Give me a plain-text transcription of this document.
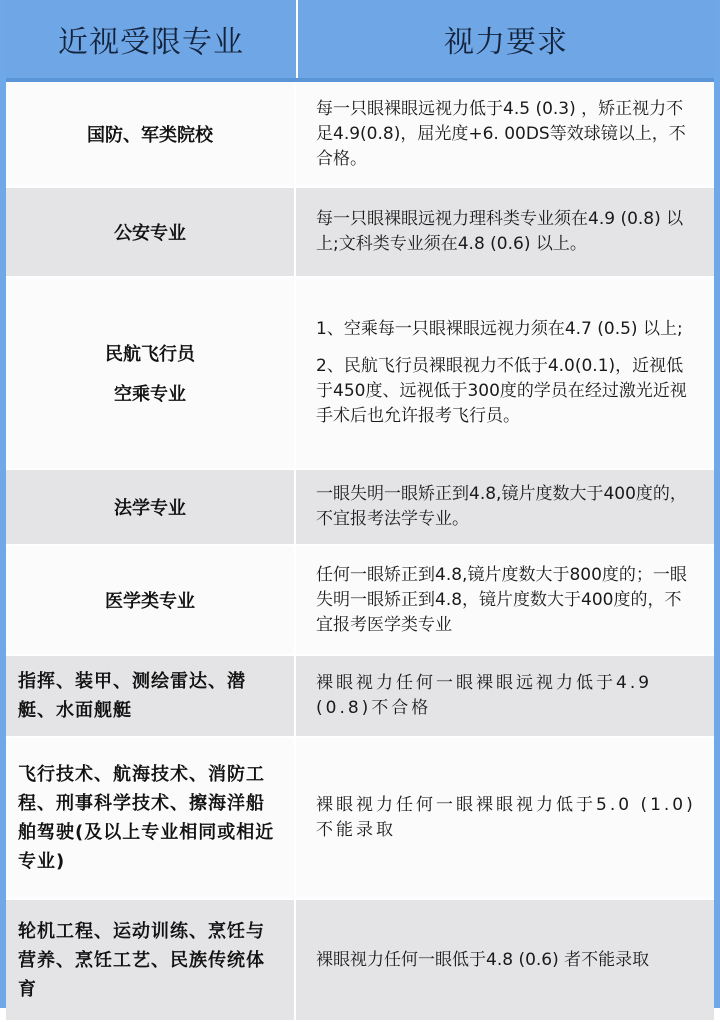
近视受限专业	视力要求
国防、军类院校

每一只眼裸眼远视力低于4.5 (0.3) ，矫正视力不足4.9(0.8)，屈光度+6. 00DS等效球镜以上，不合格。

公安专业

每一只眼裸眼远视力理科类专业须在4.9 (0.8) 以上;文科类专业须在4.8 (0.6) 以上。

民航飞行员
空乘专业

1、空乘每一只眼裸眼远视力须在4.7 (0.5) 以上;

2、民航飞行员裸眼视力不低于4.0(0.1)，近视低于450度、远视低于300度的学员在经过激光近视手术后也允许报考飞行员。

法学专业

一眼失明一眼矫正到4.8,镜片度数大于400度的，不宜报考法学专业。

医学类专业

任何一眼矫正到4.8,镜片度数大于800度的；一眼失明一眼矫正到4.8，镜片度数大于400度的，不宜报考医学类专业

指挥、装甲、测绘雷达、潜艇、水面舰艇

裸眼视力任何一眼裸眼远视力低于4.9 (0.8)不合格

飞行技术、航海技术、消防工程、刑事科学技术、擦海洋船舶驾驶(及以上专业相同或相近专业)

裸眼视力任何一眼裸眼视力低于5.0 (1.0) 不能录取

轮机工程、运动训练、烹饪与营养、烹饪工艺、民族传统体育

裸眼视力任何一眼低于4.8 (0.6) 者不能录取
